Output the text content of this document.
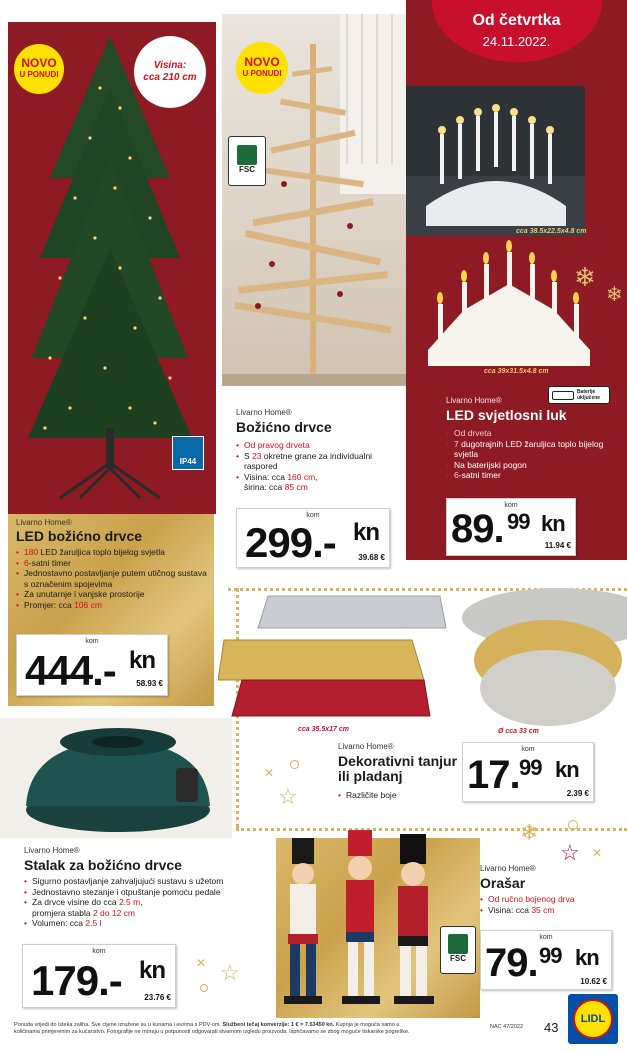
NOVO
U PONUDI
Visina:
cca 210 cm
IP44
Livarno Home®
LED božićno drvce
• 180 LED žaruljica toplo bijelog svjetla
• 6-satni timer
• Jednostavno postavljanje putem utičnog sustava s označenim spojevima
• Za unutarnje i vanjske prostorije
• Promjer: cca 106 cm
kom
444.- kn
58.93 €
NOVO
U PONUDI
FSC
Livarno Home®
Božićno drvce
• Od pravog drveta
• S 23 okretne grane za individualni raspored
• Visina: cca 160 cm,
širina: cca 85 cm
kom
299.- kn
39.68 €
Od četvrtka
24.11.2022.
cca 38.5x22.5x4.8 cm
cca 39x31.5x4.8 cm
Baterije uključene
Livarno Home®
LED svjetlosni luk
• Od drveta
• 7 dugotrajnih LED žaruljica toplo bijelog svjetla
• Na baterijski pogon
• 6-satni timer
kom
89. 99 kn
11.94 €
❄
❄
cca 35.5x17 cm	Ø cca 33 cm
Livarno Home®
Dekorativni tanjur ili pladanj
• Različite boje
kom
17. 99 kn
2.39 €
☆
✕
Livarno Home®
Stalak za božićno drvce
• Sigurno postavljanje zahvaljujući sustavu s užetom
• Jednostavno stezanje i otpuštanje pomoću pedale
• Za drvce visine do cca 2.5 m,
promjera stabla 2 do 12 cm
• Volumen: cca 2.5 l
kom
179.- kn
23.76 €
☆
✕	FSC
Livarno Home®
Orašar
• Od ručno bojenog drva
• Visina: cca 35 cm
kom
79. 99 kn
10.62 €
❄
☆ ✕
Ponuda vrijedi do isteka zaliha. Sve cijene izražene su u kunama i eurima s PDV-om. Službeni tečaj konverzije: 1 € = 7.53450 kn. Kupnja je moguća samo u
količinama primjerenim za kućanstvo. Fotografije ne moraju u potpunosti odgovarati stvarnom izgledu proizvoda. Ispričavamo se zbog moguće tiskarske pogreške.
NAC 47/2022 43
LIDL
